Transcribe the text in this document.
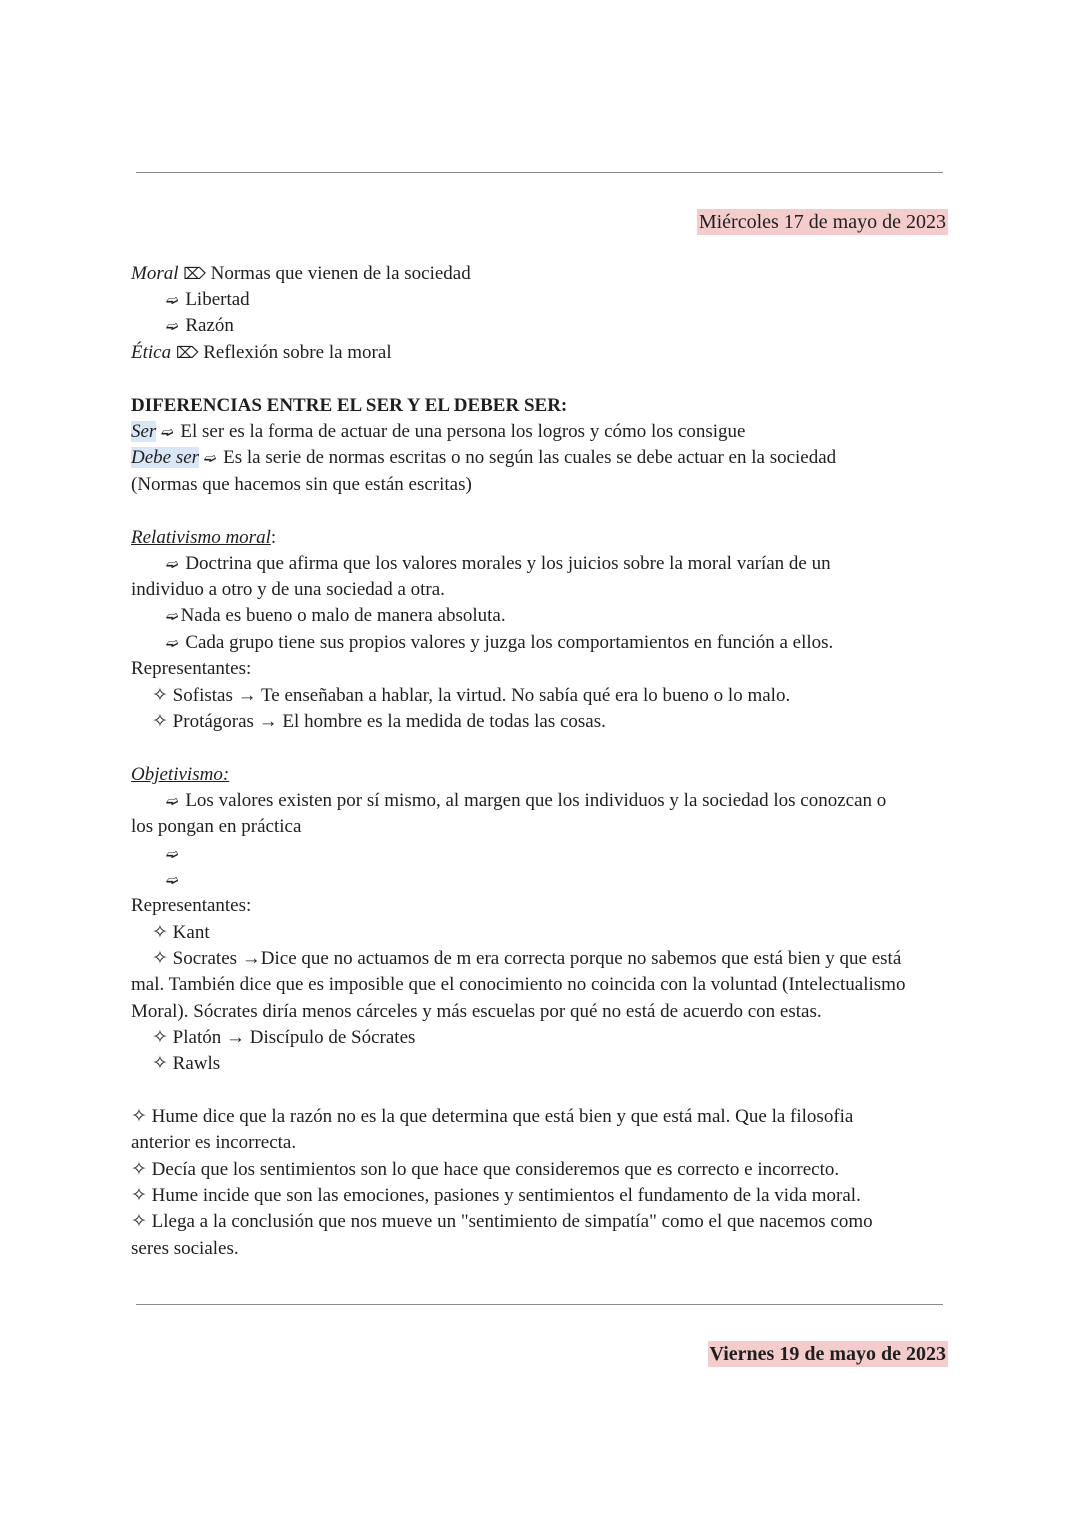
Miércoles 17 de mayo de 2023
Moral ⌦ Normas que vienen de la sociedad
➫ Libertad
➫ Razón
Ética ⌦ Reflexión sobre la moral
DIFERENCIAS ENTRE EL SER Y EL DEBER SER:
Ser ➫ El ser es la forma de actuar de una persona los logros y cómo los consigue
Debe ser ➫ Es la serie de normas escritas o no según las cuales se debe actuar en la sociedad
(Normas que hacemos sin que están escritas)
Relativismo moral:
➫ Doctrina que afirma que los valores morales y los juicios sobre la moral varían de un
individuo a otro y de una sociedad a otra.
➫ Nada es bueno o malo de manera absoluta.
➫ Cada grupo tiene sus propios valores y juzga los comportamientos en función a ellos.
Representantes:
✧ Sofistas → Te enseñaban a hablar, la virtud. No sabía qué era lo bueno o lo malo.
✧ Protágoras → El hombre es la medida de todas las cosas.
Objetivismo:
➫ Los valores existen por sí mismo, al margen que los individuos y la sociedad los conozcan o
los pongan en práctica
➫
➫
Representantes:
✧ Kant
✧ Socrates →Dice que no actuamos de m era correcta porque no sabemos que está bien y que está
mal. También dice que es imposible que el conocimiento no coincida con la voluntad (Intelectualismo
Moral). Sócrates diría menos cárceles y más escuelas por qué no está de acuerdo con estas.
✧ Platón → Discípulo de Sócrates
✧ Rawls
✧ Hume dice que la razón no es la que determina que está bien y que está mal. Que la filosofia
anterior es incorrecta.
✧ Decía que los sentimientos son lo que hace que consideremos que es correcto e incorrecto.
✧ Hume incide que son las emociones, pasiones y sentimientos el fundamento de la vida moral.
✧ Llega a la conclusión que nos mueve un "sentimiento de simpatía" como el que nacemos como
seres sociales.
Viernes 19 de mayo de 2023
